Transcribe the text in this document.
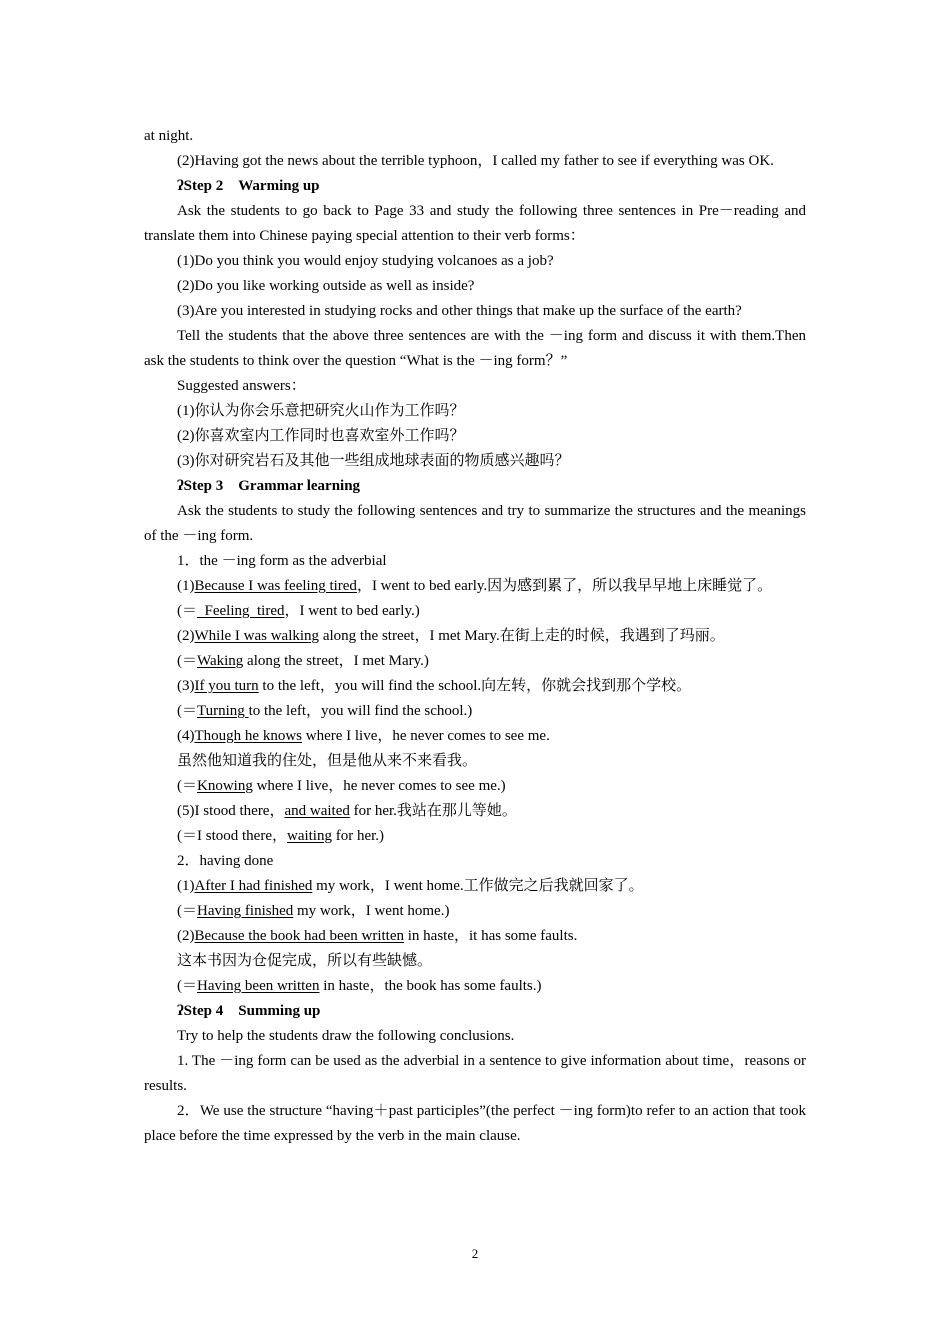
at night.

(2)Having got the news about the terrible typhoon，I called my father to see if everything was OK.

ʔStep 2　Warming up

Ask the students to go back to Page 33 and study the following three sentences in Pre－reading and translate them into Chinese paying special attention to their verb forms：

(1)Do you think you would enjoy studying volcanoes as a job?

(2)Do you like working outside as well as inside?

(3)Are you interested in studying rocks and other things that make up the surface of the earth?

Tell the students that the above three sentences are with the －ing form and discuss it with them.Then ask the students to think over the question “What is the －ing form？”

Suggested answers：

(1)你认为你会乐意把研究火山作为工作吗？

(2)你喜欢室内工作同时也喜欢室外工作吗？

(3)你对研究岩石及其他一些组成地球表面的物质感兴趣吗？

ʔStep 3　Grammar learning

Ask the students to study the following sentences and try to summarize the structures and the meanings of the －ing form.

1．the －ing form as the adverbial

(1)Because I was feeling tired，I went to bed early.因为感到累了，所以我早早地上床睡觉了。

(＝  Feeling  tired，I went to bed early.)

(2)While I was walking along the street，I met Mary.在街上走的时候，我遇到了玛丽。

(＝Waking along the street，I met Mary.)

(3)If you turn to the left，you will find the school.向左转，你就会找到那个学校。

(＝Turning to the left，you will find the school.)

(4)Though he knows where I live，he never comes to see me.

虽然他知道我的住处，但是他从来不来看我。

(＝Knowing where I live，he never comes to see me.)

(5)I stood there，and waited for her.我站在那儿等她。

(＝I stood there，waiting for her.)

2．having done

(1)After I had finished my work，I went home.工作做完之后我就回家了。

(＝Having finished my work，I went home.)

(2)Because the book had been written in haste，it has some faults.

这本书因为仓促完成，所以有些缺憾。

(＝Having been written in haste，the book has some faults.)

ʔStep 4　Summing up

Try to help the students draw the following conclusions.

1. The －ing form can be used as the adverbial in a sentence to give information about time，reasons or results.

2．We use the structure “having＋past participles”(the perfect －ing form)to refer to an action that took place before the time expressed by the verb in the main clause.

2
